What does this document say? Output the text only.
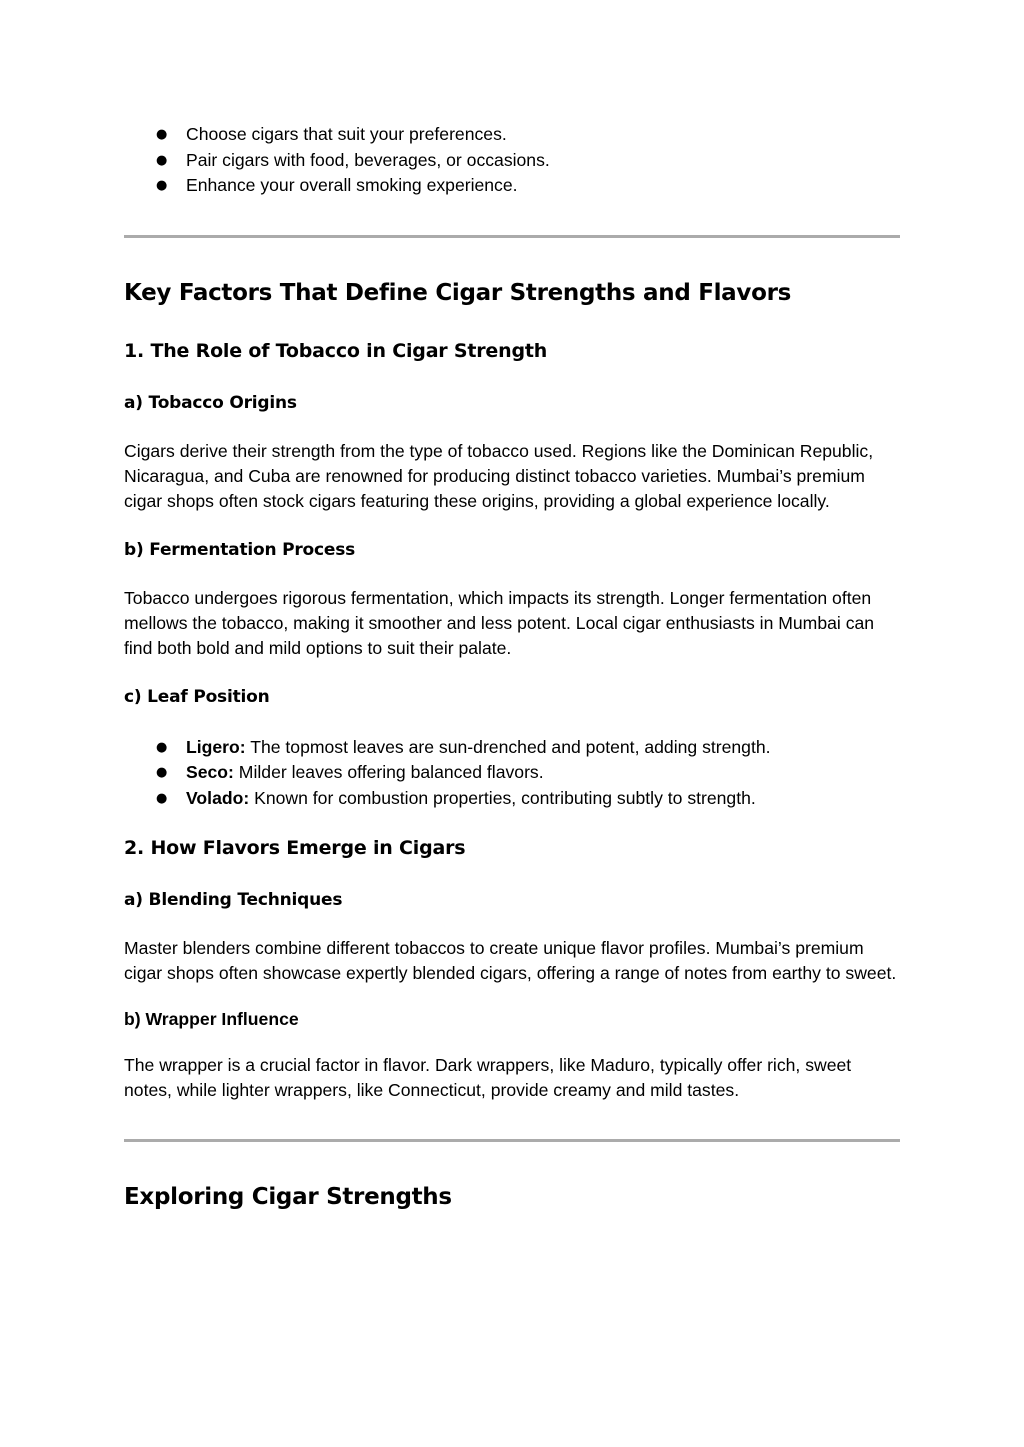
● Choose cigars that suit your preferences.
● Pair cigars with food, beverages, or occasions.
● Enhance your overall smoking experience.
Key Factors That Define Cigar Strengths and Flavors
1. The Role of Tobacco in Cigar Strength
a) Tobacco Origins

Cigars derive their strength from the type of tobacco used. Regions like the Dominican Republic, Nicaragua, and Cuba are renowned for producing distinct tobacco varieties. Mumbai’s premium cigar shops often stock cigars featuring these origins, providing a global experience locally.

b) Fermentation Process

Tobacco undergoes rigorous fermentation, which impacts its strength. Longer fermentation often mellows the tobacco, making it smoother and less potent. Local cigar enthusiasts in Mumbai can find both bold and mild options to suit their palate.

c) Leaf Position
● Ligero: The topmost leaves are sun-drenched and potent, adding strength.
● Seco: Milder leaves offering balanced flavors.
● Volado: Known for combustion properties, contributing subtly to strength.
2. How Flavors Emerge in Cigars
a) Blending Techniques

Master blenders combine different tobaccos to create unique flavor profiles. Mumbai’s premium cigar shops often showcase expertly blended cigars, offering a range of notes from earthy to sweet.

b) Wrapper Influence

The wrapper is a crucial factor in flavor. Dark wrappers, like Maduro, typically offer rich, sweet notes, while lighter wrappers, like Connecticut, provide creamy and mild tastes.

Exploring Cigar Strengths
